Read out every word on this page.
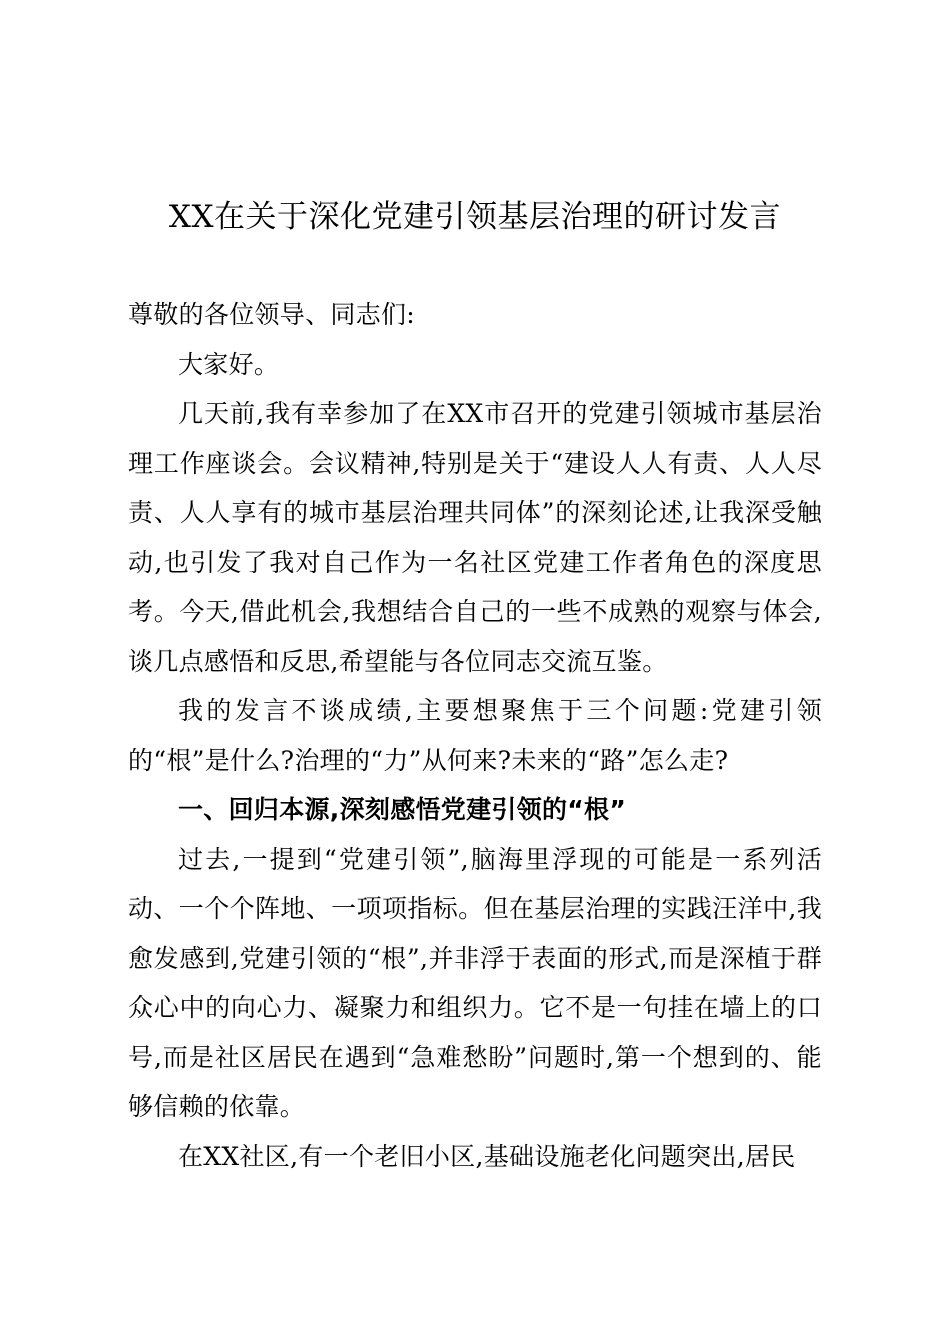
XX在关于深化党建引领基层治理的研讨发言

尊敬的各位领导、同志们:

大家好。

几天前,我有幸参加了在XX市召开的党建引领城市基层治理工作座谈会。会议精神,特别是关于“建设人人有责、人人尽责、人人享有的城市基层治理共同体”的深刻论述,让我深受触动,也引发了我对自己作为一名社区党建工作者角色的深度思考。今天,借此机会,我想结合自己的一些不成熟的观察与体会,谈几点感悟和反思,希望能与各位同志交流互鉴。

我的发言不谈成绩,主要想聚焦于三个问题:党建引领的“根”是什么?治理的“力”从何来?未来的“路”怎么走?

一、回归本源,深刻感悟党建引领的“根”

过去,一提到“党建引领”,脑海里浮现的可能是一系列活动、一个个阵地、一项项指标。但在基层治理的实践汪洋中,我愈发感到,党建引领的“根”,并非浮于表面的形式,而是深植于群众心中的向心力、凝聚力和组织力。它不是一句挂在墙上的口号,而是社区居民在遇到“急难愁盼”问题时,第一个想到的、能够信赖的依靠。

在XX社区,有一个老旧小区,基础设施老化问题突出,居民
